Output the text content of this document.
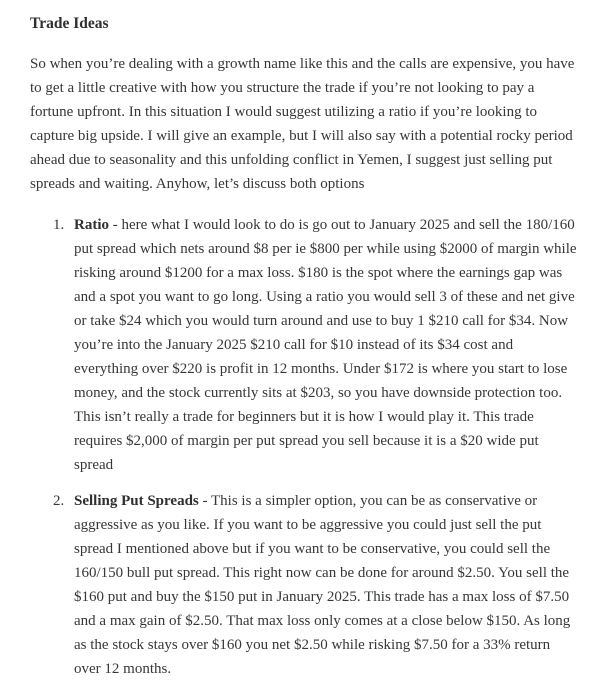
Trade Ideas

So when you’re dealing with a growth name like this and the calls are expensive, you have to get a little creative with how you structure the trade if you’re not looking to pay a fortune upfront. In this situation I would suggest utilizing a ratio if you’re looking to capture big upside. I will give an example, but I will also say with a potential rocky period ahead due to seasonality and this unfolding conflict in Yemen, I suggest just selling put spreads and waiting. Anyhow, let’s discuss both options

1. Ratio - here what I would look to do is go out to January 2025 and sell the 180/160 put spread which nets around $8 per ie $800 per while using $2000 of margin while risking around $1200 for a max loss. $180 is the spot where the earnings gap was and a spot you want to go long. Using a ratio you would sell 3 of these and net give or take $24 which you would turn around and use to buy 1 $210 call for $34. Now you’re into the January 2025 $210 call for $10 instead of its $34 cost and everything over $220 is profit in 12 months. Under $172 is where you start to lose money, and the stock currently sits at $203, so you have downside protection too. This isn’t really a trade for beginners but it is how I would play it. This trade requires $2,000 of margin per put spread you sell because it is a $20 wide put spread
2. Selling Put Spreads - This is a simpler option, you can be as conservative or aggressive as you like. If you want to be aggressive you could just sell the put spread I mentioned above but if you want to be conservative, you could sell the 160/150 bull put spread. This right now can be done for around $2.50. You sell the $160 put and buy the $150 put in January 2025. This trade has a max loss of $7.50 and a max gain of $2.50. That max loss only comes at a close below $150. As long as the stock stays over $160 you net $2.50 while risking $7.50 for a 33% return over 12 months.
